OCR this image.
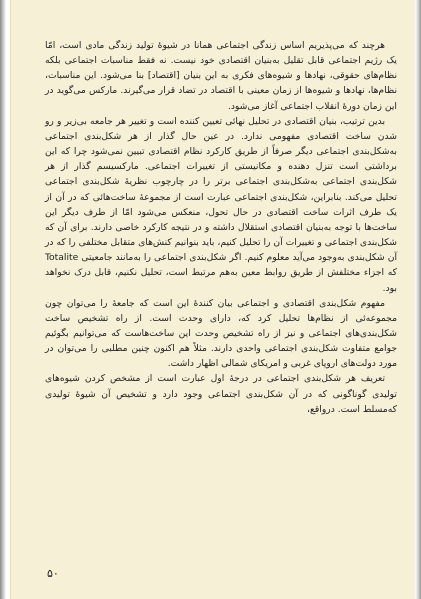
هرچند که می‌پذیریم اساس زندگی اجتماعی همانا در شیوهٔ تولید زندگی مادی است، امّا یک رژیم اجتماعی قابل تقلیل به‌بنیان اقتصادی خود نیست. نه فقط مناسبات اجتماعی بلکه نظام‌های حقوقی، نهادها و شیوه‌های فکری به این بنیان [اقتصاد] بنا می‌شود. این مناسبات، نظام‌ها، نهادها و شیوه‌ها از زمان معینی با اقتصاد در تضاد قرار می‌گیرند. مارکس می‌گوید در این زمان دورهٔ انقلاب اجتماعی آغاز می‌شود.

بدین ترتیب، بنیان اقتصادی در تحلیل نهائی تعیین کننده است و تغییر هر جامعه بی‌زیر و رو شدن ساخت اقتصادی مفهومی ندارد. در عین حال گذار از هر شکل‌بندی اجتماعی به‌شکل‌بندی اجتماعی دیگر صرفاً از طریق کارکرد نظام اقتصادی تبیین نمی‌شود چرا که این برداشتی است تنزل دهنده و مکانیستی از تغییرات اجتماعی. مارکسیسم گذار از هر شکل‌بندی اجتماعی به‌شکل‌بندی اجتماعی برتر را در چارچوب نظریهٔ شکل‌بندی اجتماعی تحلیل می‌کند. بنابراین، شکل‌بندی اجتماعی عبارت است از مجموعهٔ ساخت‌هائی که در آن از یک طرف اثرات ساخت اقتصادی در حال تحول، منعکس می‌شود امّا از طرف دیگر این ساخت‌ها با توجه به‌بنیان اقتصادی استقلال داشته و در نتیجه کارکرد خاصی دارند. برای آن که شکل‌بندی اجتماعی و تغییرات آن را تحلیل کنیم، باید بنوانیم کنش‌های متقابل مختلفی را که در آن شکل‌بندی به‌وجود می‌آید معلوم کنیم. اگر شکل‌بندی اجتماعی را به‌مانند جامعیتی Totalite که اجزاء مختلفش از طریق روابط معین به‌هم مرتبط است، تحلیل نکنیم، قابل درک نخواهد بود.

مفهوم شکل‌بندی اقتصادی و اجتماعی بیان کنندهٔ این است که جامعهٔ را می‌توان چون مجموعه‌ئی از نظام‌ها تحلیل کرد که، دارای وحدت است. از راه تشخیص ساخت شکل‌بندی‌های اجتماعی و نیز از راه تشخیص وحدت این ساخت‌هاست که می‌توانیم بگوئیم جوامع متفاوت شکل‌بندی اجتماعی واحدی دارند. مثلاً هم اکنون چنین مطلبی را می‌توان در مورد دولت‌های اروپای غربی و امریکای شمالی اظهار داشت.

تعریف هر شکل‌بندی اجتماعی در درجهٔ اول عبارت است از مشخص کردن شیوه‌های تولیدی گوناگونی که در آن شکل‌بندی اجتماعی وجود دارد و تشخیص آن شیوهٔ تولیدی که‌مسلط است. درواقع،

۵۰
